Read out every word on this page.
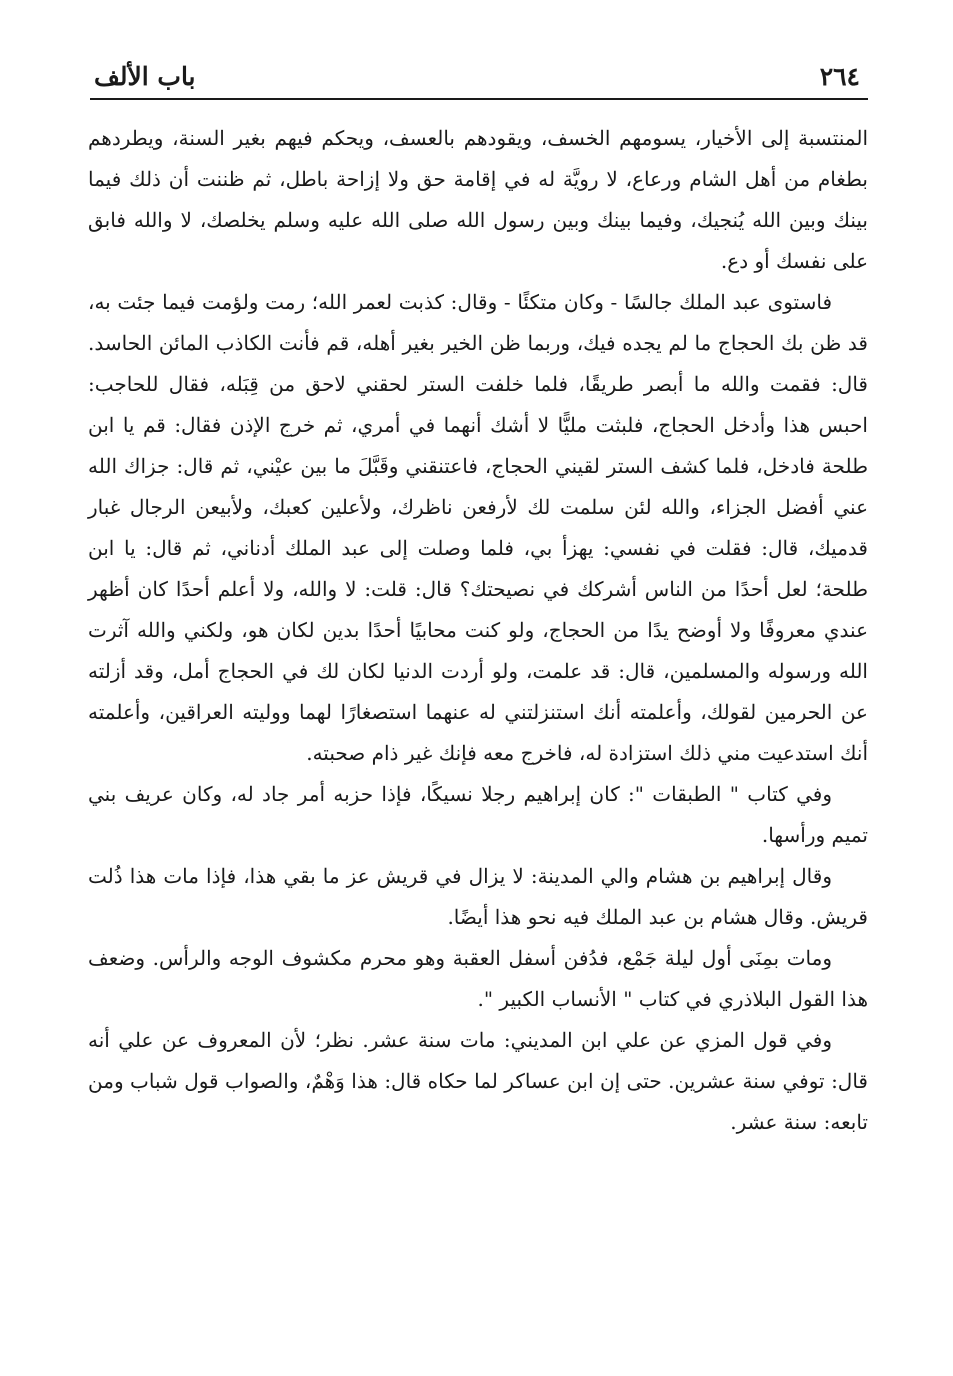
٢٦٤
باب الألف

المنتسبة إلى الأخيار، يسومهم الخسف، ويقودهم بالعسف، ويحكم فيهم بغير السنة، ويطردهم بطغام من أهل الشام ورعاع، لا رويَّة له في إقامة حق ولا إزاحة باطل، ثم ظننت أن ذلك فيما بينك وبين الله يُنجيك، وفيما بينك وبين رسول الله صلى الله عليه وسلم يخلصك، لا والله فابق على نفسك أو دع.

فاستوى عبد الملك جالسًا - وكان متكئًا - وقال: كذبت لعمر الله؛ رمت ولؤمت فيما جئت به، قد ظن بك الحجاج ما لم يجده فيك، وربما ظن الخير بغير أهله، قم فأنت الكاذب المائن الحاسد. قال: فقمت والله ما أبصر طريقًا، فلما خلفت الستر لحقني لاحق من قِبَله، فقال للحاجب: احبس هذا وأدخل الحجاج، فلبثت مليًّا لا أشك أنهما في أمري، ثم خرج الإذن فقال: قم يا ابن طلحة فادخل، فلما كشف الستر لقيني الحجاج، فاعتنقني وقَبَّلَ ما بين عيْني، ثم قال: جزاك الله عني أفضل الجزاء، والله لئن سلمت لك لأرفعن ناظرك، ولأعلين كعبك، ولأبيعن الرجال غبار قدميك، قال: فقلت في نفسي: يهزأ بي، فلما وصلت إلى عبد الملك أدناني، ثم قال: يا ابن طلحة؛ لعل أحدًا من الناس أشركك في نصيحتك؟ قال: قلت: لا والله، ولا أعلم أحدًا كان أظهر عندي معروفًا ولا أوضح يدًا من الحجاج، ولو كنت محابيًا أحدًا بدين لكان هو، ولكني والله آثرت الله ورسوله والمسلمين، قال: قد علمت، ولو أردت الدنيا لكان لك في الحجاج أمل، وقد أزلته عن الحرمين لقولك، وأعلمته أنك استنزلتني له عنهما استصغارًا لهما ووليته العراقين، وأعلمته أنك استدعيت مني ذلك استزادة له، فاخرج معه فإنك غير ذام صحبته.

وفي كتاب " الطبقات ": كان إبراهيم رجلا نسيكًا، فإذا حزبه أمر جاد له، وكان عريف بني تميم ورأسها.

وقال إبراهيم بن هشام والي المدينة: لا يزال في قريش عز ما بقي هذا، فإذا مات هذا ذُلت قريش. وقال هشام بن عبد الملك فيه نحو هذا أيضًا.

ومات بمِنَى أول ليلة جَمْع، فدُفن أسفل العقبة وهو محرم مكشوف الوجه والرأس. وضعف هذا القول البلاذري في كتاب " الأنساب الكبير ".

وفي قول المزي عن علي ابن المديني: مات سنة عشر. نظر؛ لأن المعروف عن علي أنه قال: توفي سنة عشرين. حتى إن ابن عساكر لما حكاه قال: هذا وَهْمٌ، والصواب قول شباب ومن تابعه: سنة عشر.
